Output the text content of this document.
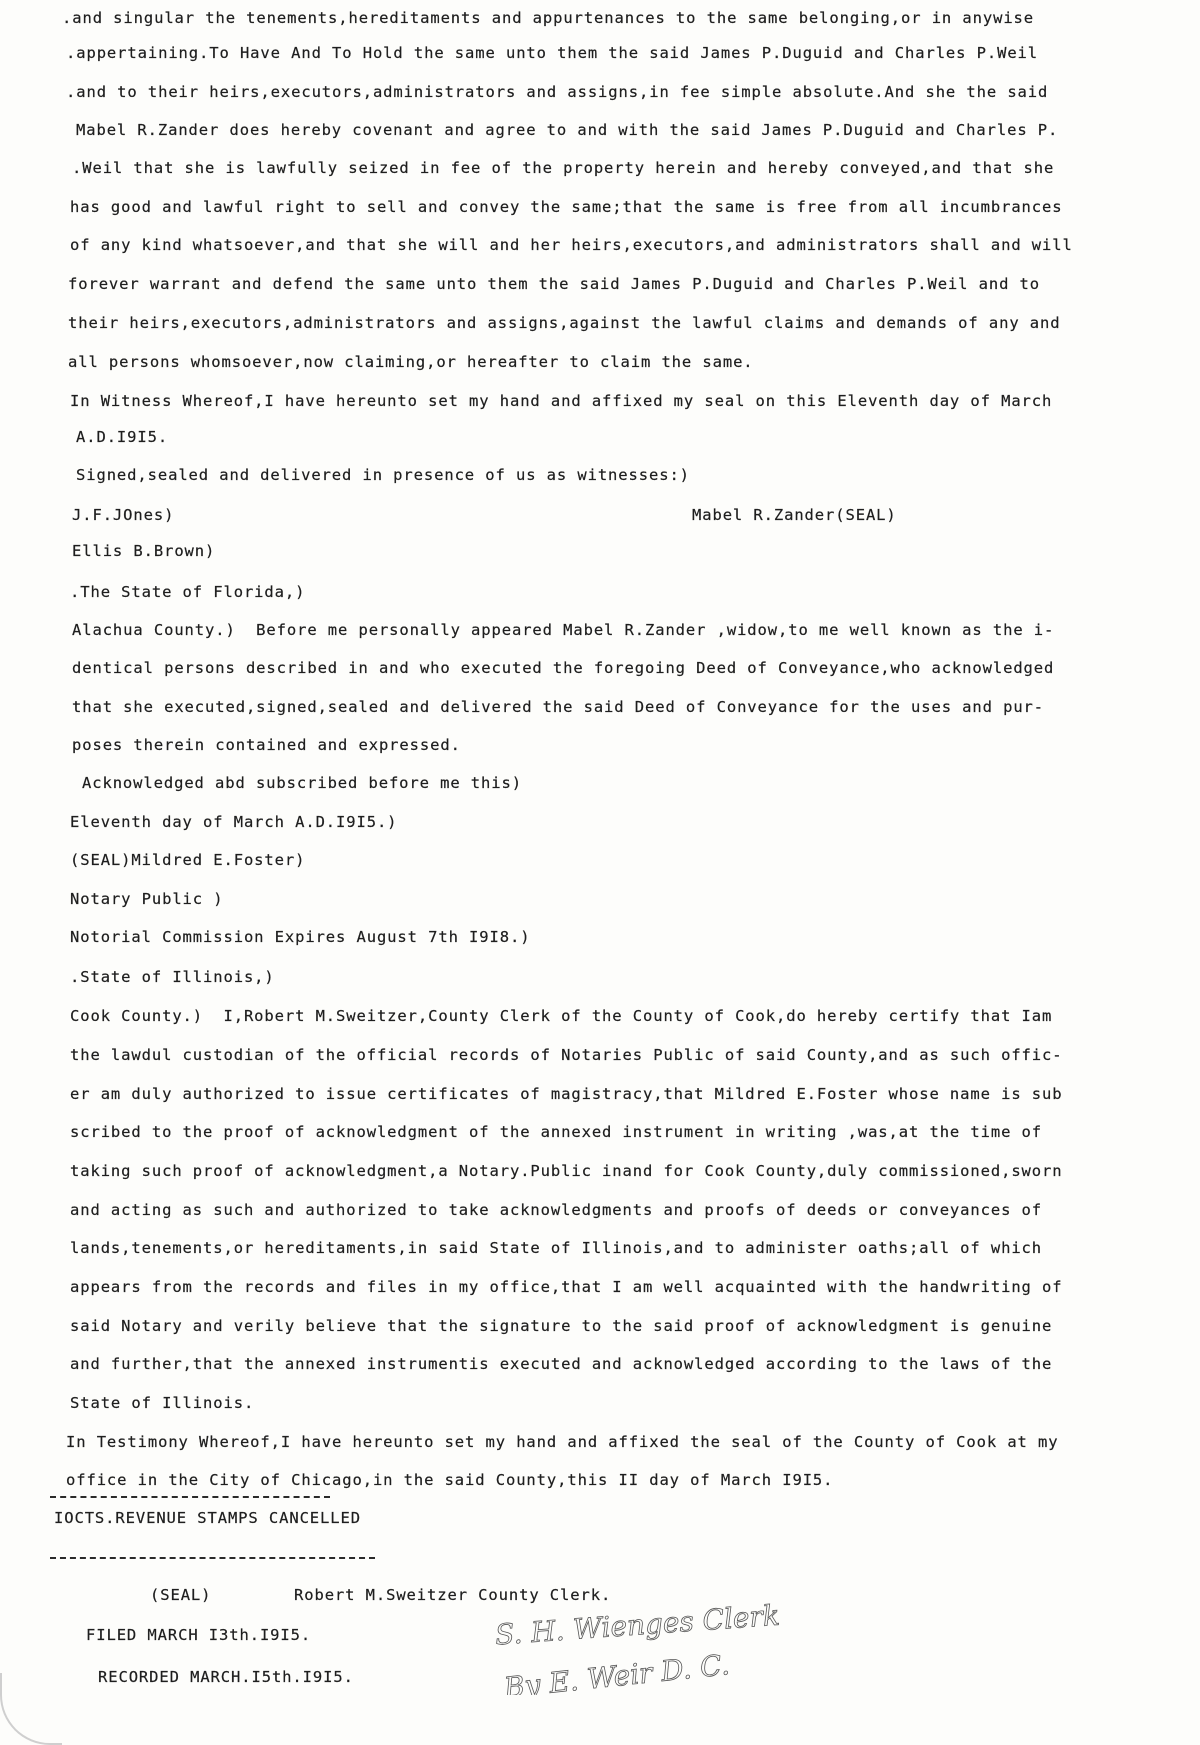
.and singular the tenements,hereditaments and appurtenances to the same belonging,or in anywise
.appertaining.To Have And To Hold the same unto them the said James P.Duguid and Charles P.Weil
.and to their heirs,executors,administrators and assigns,in fee simple absolute.And she the said
Mabel R.Zander does hereby covenant and agree to and with the said James P.Duguid and Charles P.
.Weil that she is lawfully seized in fee of the property herein and hereby conveyed,and that she
has good and lawful right to sell and convey the same;that the same is free from all incumbrances
of any kind whatsoever,and that she will and her heirs,executors,and administrators shall and will
forever warrant and defend the same unto them the said James P.Duguid and Charles P.Weil and to
their heirs,executors,administrators and assigns,against the lawful claims and demands of any and
all persons whomsoever,now claiming,or hereafter to claim the same.
In Witness Whereof,I have hereunto set my hand and affixed my seal on this Eleventh day of March
A.D.I9I5.
Signed,sealed and delivered in presence of us as witnesses:)
J.F.JOnes)	Mabel R.Zander(SEAL)
Ellis B.Brown)
.The State of Florida,)
Alachua County.)  Before me personally appeared Mabel R.Zander ,widow,to me well known as the i-
dentical persons described in and who executed the foregoing Deed of Conveyance,who acknowledged
that she executed,signed,sealed and delivered the said Deed of Conveyance for the uses and pur-
poses therein contained and expressed.
Acknowledged abd subscribed before me this)
Eleventh day of March A.D.I9I5.)
(SEAL)Mildred E.Foster)
Notary Public )
Notorial Commission Expires August 7th I9I8.)
.State of Illinois,)
Cook County.)  I,Robert M.Sweitzer,County Clerk of the County of Cook,do hereby certify that Iam
the lawdul custodian of the official records of Notaries Public of said County,and as such offic-
er am duly authorized to issue certificates of magistracy,that Mildred E.Foster whose name is sub
scribed to the proof of acknowledgment of the annexed instrument in writing ,was,at the time of
taking such proof of acknowledgment,a Notary.Public inand for Cook County,duly commissioned,sworn
and acting as such and authorized to take acknowledgments and proofs of deeds or conveyances of
lands,tenements,or hereditaments,in said State of Illinois,and to administer oaths;all of which
appears from the records and files in my office,that I am well acquainted with the handwriting of
said Notary and verily believe that the signature to the said proof of acknowledgment is genuine
and further,that the annexed instrumentis executed and acknowledged according to the laws of the
State of Illinois.
In Testimony Whereof,I have hereunto set my hand and affixed the seal of the County of Cook at my
office in the City of Chicago,in the said County,this II day of March I9I5.
IOCTS.REVENUE STAMPS CANCELLED
(SEAL)	Robert M.Sweitzer County Clerk.
FILED MARCH I3th.I9I5.
RECORDED MARCH.I5th.I9I5.
S. H. Wienges Clerk
By E. Weir D. C.
